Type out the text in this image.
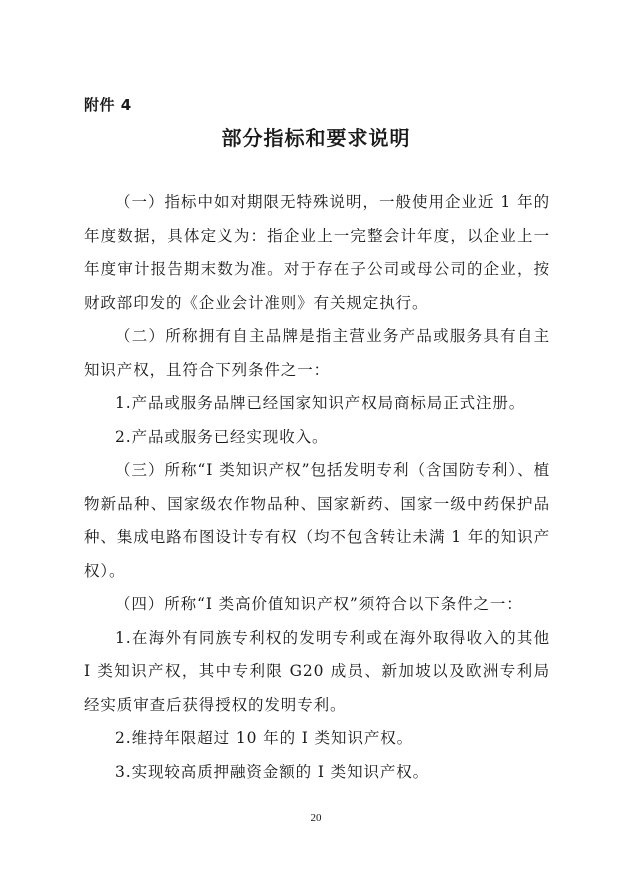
附件 4
部分指标和要求说明

（一）指标中如对期限无特殊说明，一般使用企业近 1 年的年度数据，具体定义为：指企业上一完整会计年度，以企业上一年度审计报告期末数为准。对于存在子公司或母公司的企业，按财政部印发的《企业会计准则》有关规定执行。

（二）所称拥有自主品牌是指主营业务产品或服务具有自主知识产权，且符合下列条件之一：

1.产品或服务品牌已经国家知识产权局商标局正式注册。

2.产品或服务已经实现收入。

（三）所称“I 类知识产权”包括发明专利（含国防专利）、植物新品种、国家级农作物品种、国家新药、国家一级中药保护品种、集成电路布图设计专有权（均不包含转让未满 1 年的知识产权）。

（四）所称“I 类高价值知识产权”须符合以下条件之一：

1.在海外有同族专利权的发明专利或在海外取得收入的其他 I 类知识产权，其中专利限 G20 成员、新加坡以及欧洲专利局经实质审查后获得授权的发明专利。

2.维持年限超过 10 年的 I 类知识产权。

3.实现较高质押融资金额的 I 类知识产权。

20
